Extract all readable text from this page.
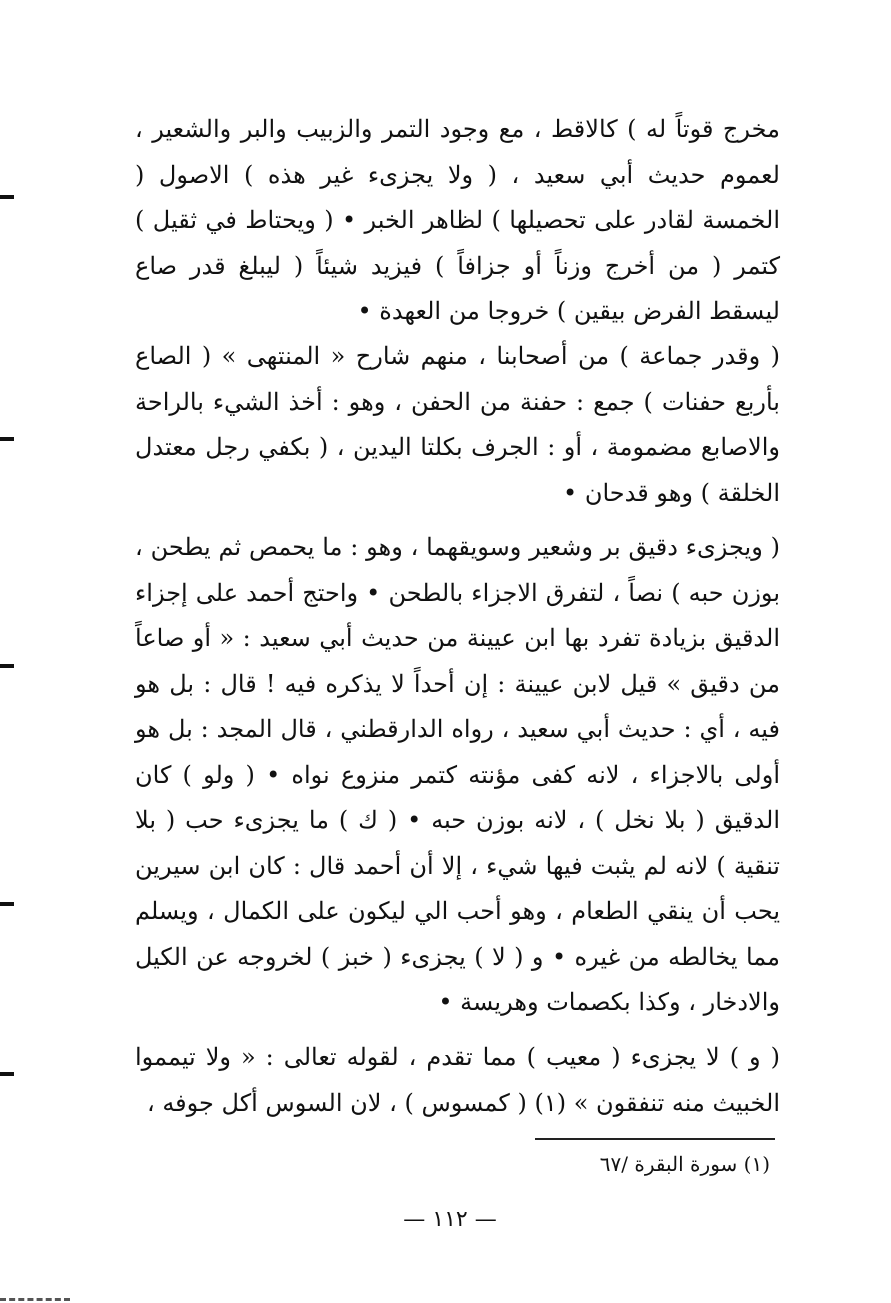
مخرج قوتاً له ) كالاقط ، مع وجود التمر والزبيب والبر والشعير ، لعموم حديث أبي سعيد ، ( ولا يجزىء غير هذه ) الاصول ( الخمسة لقادر على تحصيلها ) لظاهر الخبر • ( ويحتاط في ثقيل ) كتمر ( من أخرج وزناً أو جزافاً ) فيزيد شيئاً ( ليبلغ قدر صاع ليسقط الفرض بيقين ) خروجا من العهدة •

( وقدر جماعة ) من أصحابنا ، منهم شارح « المنتهى » ( الصاع بأربع حفنات ) جمع : حفنة من الحفن ، وهو : أخذ الشيء بالراحة والاصابع مضمومة ، أو : الجرف بكلتا اليدين ، ( بكفي رجل معتدل الخلقة ) وهو قدحان •

( ويجزىء دقيق بر وشعير وسويقهما ، وهو : ما يحمص ثم يطحن ، بوزن حبه ) نصاً ، لتفرق الاجزاء بالطحن • واحتج أحمد على إجزاء الدقيق بزيادة تفرد بها ابن عيينة من حديث أبي سعيد : « أو صاعاً من دقيق » قيل لابن عيينة : إن أحداً لا يذكره فيه ! قال : بل هو فيه ، أي : حديث أبي سعيد ، رواه الدارقطني ، قال المجد : بل هو أولى بالاجزاء ، لانه كفى مؤنته كتمر منزوع نواه • ( ولو ) كان الدقيق ( بلا نخل ) ، لانه بوزن حبه • ( ك ) ما يجزىء حب ( بلا تنقية ) لانه لم يثبت فيها شيء ، إلا أن أحمد قال : كان ابن سيرين يحب أن ينقي الطعام ، وهو أحب الي ليكون على الكمال ، ويسلم مما يخالطه من غيره • و ( لا ) يجزىء ( خبز ) لخروجه عن الكيل والادخار ، وكذا بكصمات وهريسة •

( و ) لا يجزىء ( معيب ) مما تقدم ، لقوله تعالى : « ولا تيمموا الخبيث منه تنفقون » (١) ( كمسوس ) ، لان السوس أكل جوفه ،

(١) سورة البقرة /٦٧
— ١١٢ —
